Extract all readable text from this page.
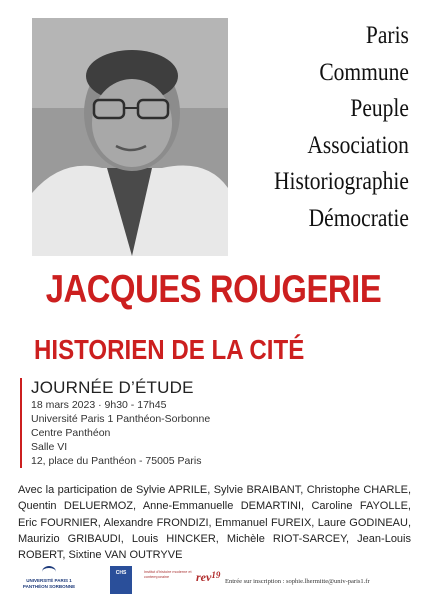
Paris
Commune
Peuple
Association
Historiographie
Démocratie
JACQUES ROUGERIE
HISTORIEN DE LA CITÉ
JOURNÉE D’ÉTUDE
18 mars 2023 · 9h30 - 17h45
Université Paris 1 Panthéon-Sorbonne
Centre Panthéon
Salle VI
12, place du Panthéon - 75005 Paris
Avec la participation de Sylvie APRILE, Sylvie BRAIBANT, Christophe CHARLE, Quentin DELUERMOZ, Anne-Emmanuelle DEMARTINI, Caroline FAYOLLE, Eric FOURNIER, Alexandre FRONDIZI, Emmanuel FUREIX, Laure GODINEAU, Maurizio GRIBAUDI, Louis HINCKER, Michèle RIOT-SARCEY, Jean-Louis ROBERT, Sixtine VAN OUTRYVE
UNIVERSITÉ PARIS 1
PANTHÉON SORBONNE
CHS	Institut d'histoire moderne et contemporaine	rev$^{19}$
Entrée sur inscription : sophie.lhermitte@univ-paris1.fr
